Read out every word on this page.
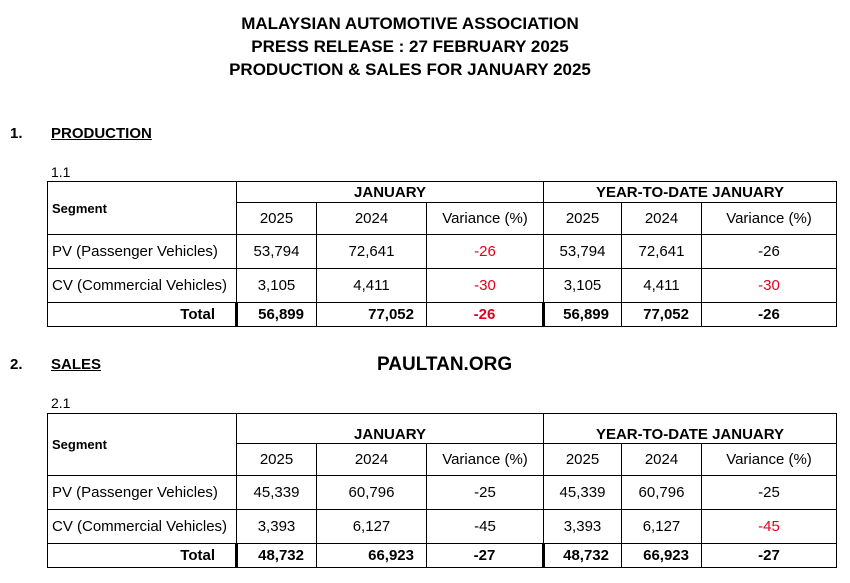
MALAYSIAN AUTOMOTIVE ASSOCIATION
PRESS RELEASE : 27 FEBRUARY 2025
PRODUCTION & SALES FOR JANUARY 2025
1. PRODUCTION
1.1
Segment	JANUARY			YEAR-TO-DATE JANUARY		
	2025	2024	Variance (%)	2025	2024	Variance (%)
PV (Passenger Vehicles)	53,794	72,641	-26	53,794	72,641	-26
CV (Commercial Vehicles)	3,105	4,411	-30	3,105	4,411	-30
Total	56,899	77,052	-26	56,899	77,052	-26
2. SALES	PAULTAN.ORG
2.1
Segment	JANUARY			YEAR-TO-DATE JANUARY		
	2025	2024	Variance (%)	2025	2024	Variance (%)
PV (Passenger Vehicles)	45,339	60,796	-25	45,339	60,796	-25
CV (Commercial Vehicles)	3,393	6,127	-45	3,393	6,127	-45
Total	48,732	66,923	-27	48,732	66,923	-27
